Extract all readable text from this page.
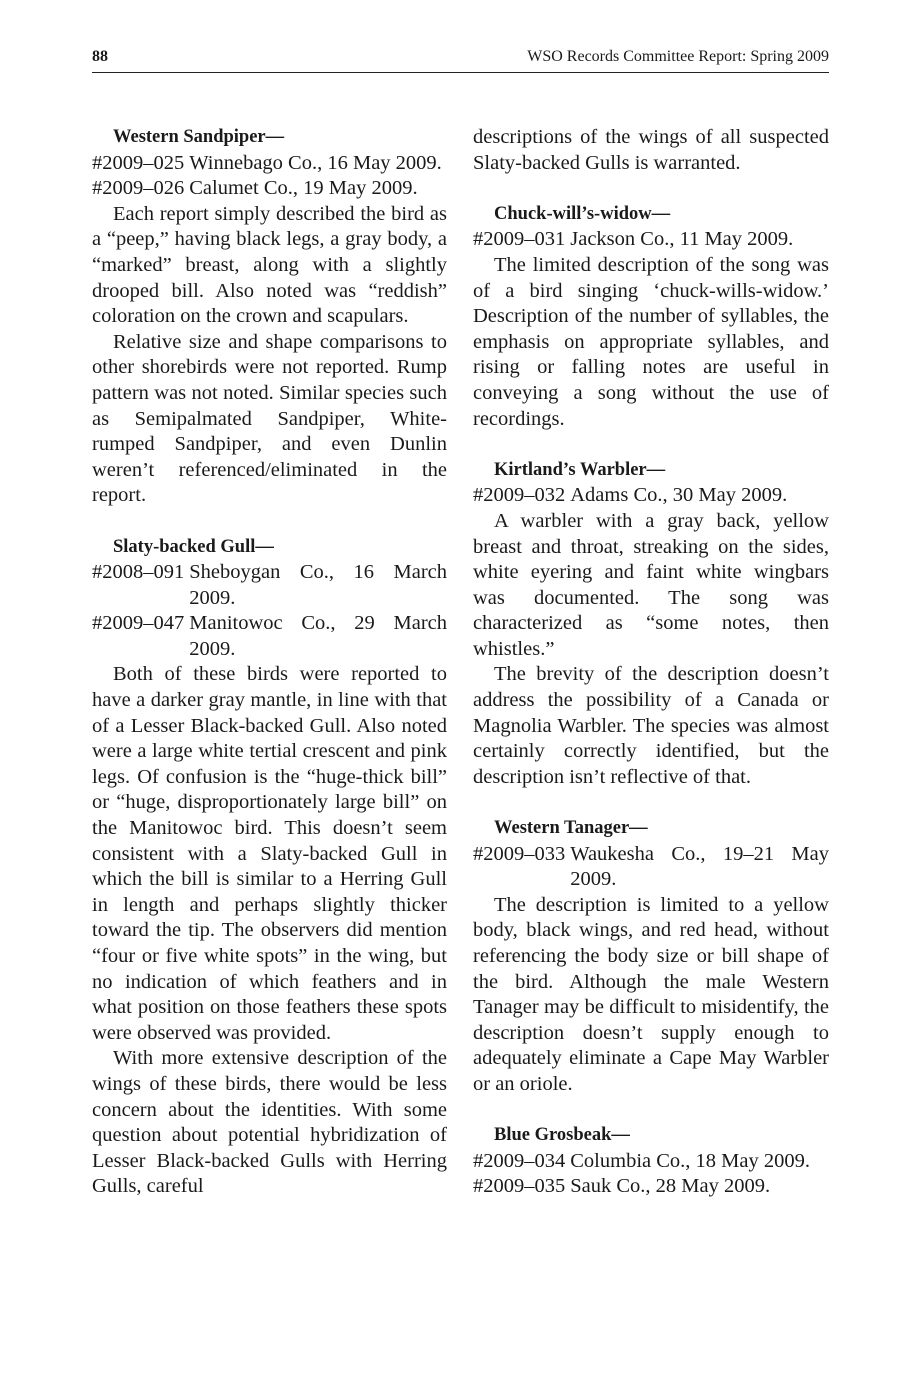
88	WSO Records Committee Report: Spring 2009

Western Sandpiper—

#2009–025 Winnebago Co., 16 May 2009.
#2009–026 Calumet Co., 19 May 2009.

Each report simply described the bird as a “peep,” having black legs, a gray body, a “marked” breast, along with a slightly drooped bill. Also noted was “reddish” coloration on the crown and scapulars.

Relative size and shape comparisons to other shorebirds were not reported. Rump pattern was not noted. Similar species such as Semipalmated Sandpiper, White-rumped Sandpiper, and even Dunlin weren’t referenced/eliminated in the report.

Slaty-backed Gull—

#2008–091 Sheboygan Co., 16 March 2009.
#2009–047 Manitowoc Co., 29 March 2009.

Both of these birds were reported to have a darker gray mantle, in line with that of a Lesser Black-backed Gull. Also noted were a large white tertial crescent and pink legs. Of confusion is the “huge-thick bill” or “huge, disproportionately large bill” on the Manitowoc bird. This doesn’t seem consistent with a Slaty-backed Gull in which the bill is similar to a Herring Gull in length and perhaps slightly thicker toward the tip. The observers did mention “four or five white spots” in the wing, but no indication of which feathers and in what position on those feathers these spots were observed was provided.

With more extensive description of the wings of these birds, there would be less concern about the identities. With some question about potential hybridization of Lesser Black-backed Gulls with Herring Gulls, careful

descriptions of the wings of all suspected Slaty-backed Gulls is warranted.

Chuck-will’s-widow—

#2009–031 Jackson Co., 11 May 2009.

The limited description of the song was of a bird singing ‘chuck-wills-widow.’ Description of the number of syllables, the emphasis on appropriate syllables, and rising or falling notes are useful in conveying a song without the use of recordings.

Kirtland’s Warbler—

#2009–032 Adams Co., 30 May 2009.

A warbler with a gray back, yellow breast and throat, streaking on the sides, white eyering and faint white wingbars was documented. The song was characterized as “some notes, then whistles.”

The brevity of the description doesn’t address the possibility of a Canada or Magnolia Warbler. The species was almost certainly correctly identified, but the description isn’t reflective of that.

Western Tanager—

#2009–033 Waukesha Co., 19–21 May 2009.

The description is limited to a yellow body, black wings, and red head, without referencing the body size or bill shape of the bird. Although the male Western Tanager may be difficult to misidentify, the description doesn’t supply enough to adequately eliminate a Cape May Warbler or an oriole.

Blue Grosbeak—

#2009–034 Columbia Co., 18 May 2009.
#2009–035 Sauk Co., 28 May 2009.
